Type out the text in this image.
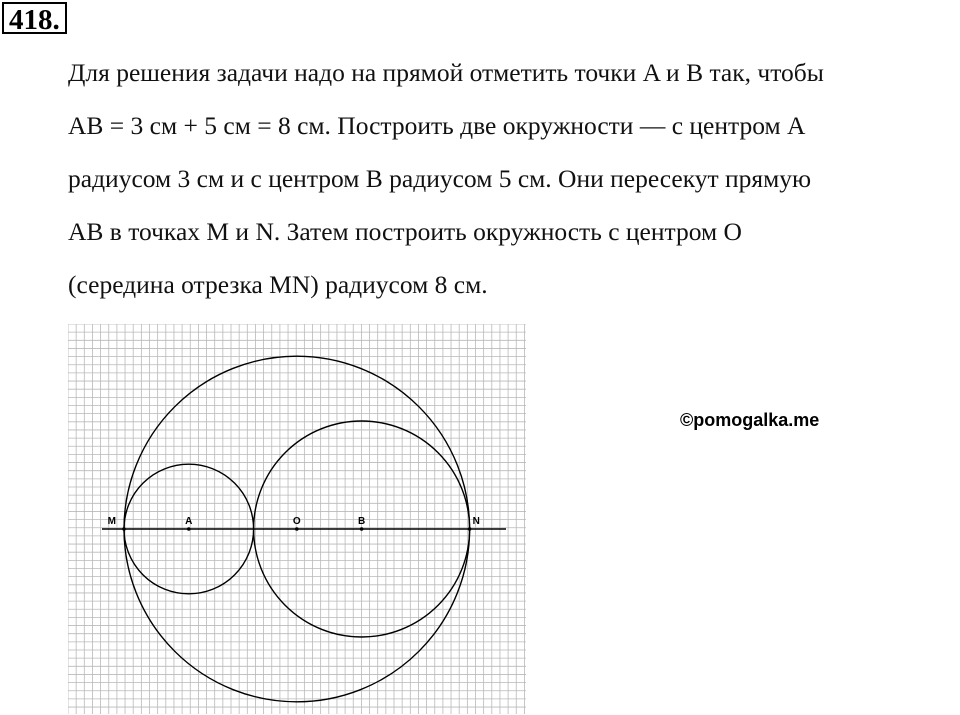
418.

Для решения задачи надо на прямой отметить точки A и B так, чтобы
AB = 3 см + 5 см = 8 см. Построить две окружности — с центром A
радиусом 3 см и с центром B радиусом 5 см. Они пересекут прямую
AB в точках M и N. Затем построить окружность с центром O
(середина отрезка MN) радиусом 8 см.

M	A	O	B	N
©pomogalka.me
